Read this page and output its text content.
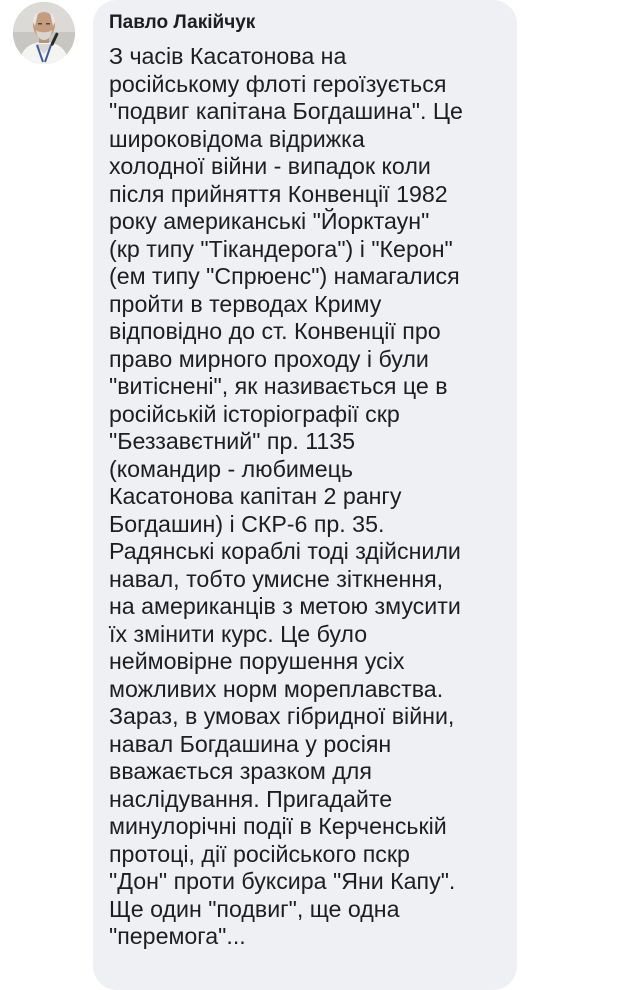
Павло Лакійчук
З часів Касатонова на
російському флоті героїзується
"подвиг капітана Богдашина". Це
широковідома відрижка
холодної війни - випадок коли
після прийняття Конвенції 1982
року американські "Йорктаун"
(кр типу "Тікандерога") і "Керон"
(ем типу "Спрюенс") намагалися
пройти в терводах Криму
відповідно до ст. Конвенції про
право мирного проходу і були
"витіснені", як називається це в
російській історіографії скр
"Беззавєтний" пр. 1135
(командир - любимець
Касатонова капітан 2 рангу
Богдашин) і СКР-6 пр. 35.
Радянські кораблі тоді здійснили
навал, тобто умисне зіткнення,
на американців з метою змусити
їх змінити курс. Це було
неймовірне порушення усіх
можливих норм мореплавства.
Зараз, в умовах гібридної війни,
навал Богдашина у росіян
вважається зразком для
наслідування. Пригадайте
минулорічні події в Керченській
протоці, дії російського пскр
"Дон" проти буксира "Яни Капу".
Ще один "подвиг", ще одна
"перемога"...
